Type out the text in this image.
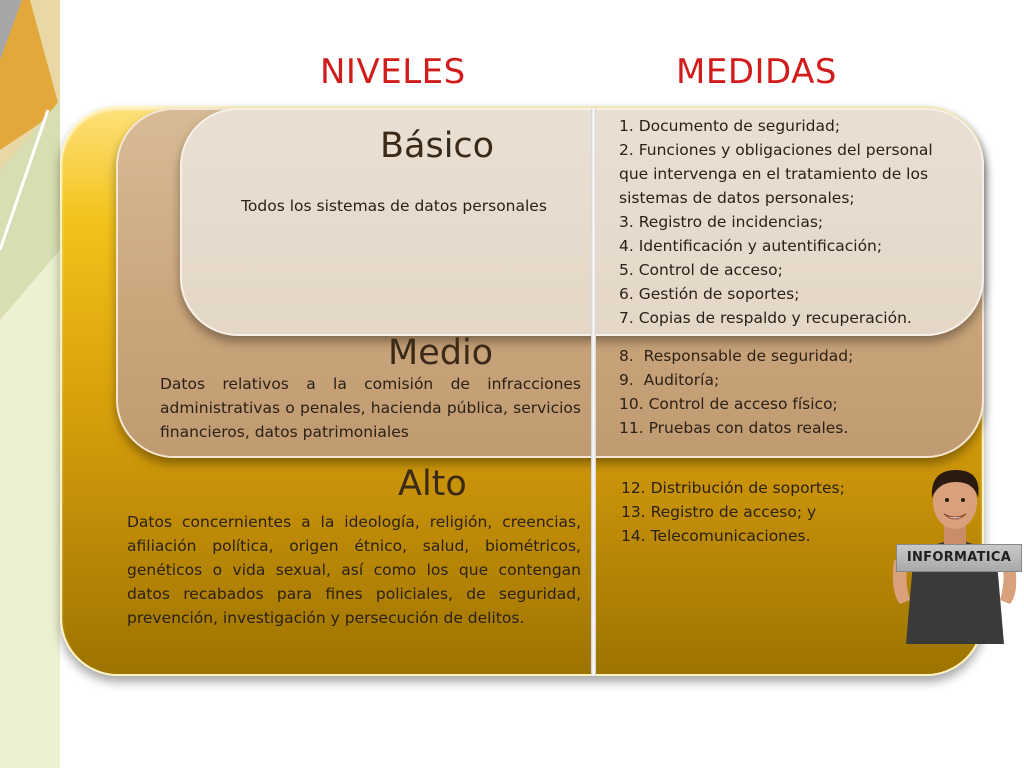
NIVELES	MEDIDAS
Básico
Todos los sistemas de datos personales
1. Documento de seguridad;
2. Funciones y obligaciones del personal que intervenga en el tratamiento de los sistemas de datos personales;
3. Registro de incidencias;
4. Identificación y autentificación;
5. Control de acceso;
6. Gestión de soportes;
7. Copias de respaldo y recuperación.
Medio
Datos relativos a la comisión de infracciones administrativas o penales, hacienda pública, servicios financieros, datos patrimoniales
8.  Responsable de seguridad;
9.  Auditoría;
10. Control de acceso físico;
11. Pruebas con datos reales.
Alto
Datos concernientes a la ideología, religión, creencias, afiliación política, origen étnico, salud, biométricos, genéticos o vida sexual, así como los que contengan datos recabados para fines policiales, de seguridad, prevención, investigación y persecución de delitos.
12. Distribución de soportes;
13. Registro de acceso; y
14. Telecomunicaciones.
INFORMATICA
